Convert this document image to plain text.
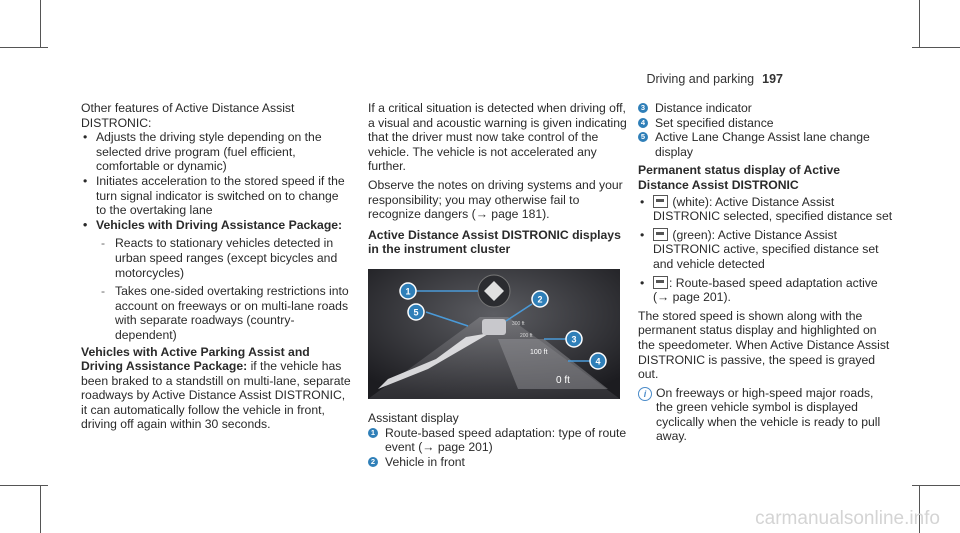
Driving and parking 197

Other features of Active Distance Assist DISTRONIC:

• Adjusts the driving style depending on the selected drive program (fuel efficient, comfortable or dynamic)

• Initiates acceleration to the stored speed if the turn signal indicator is switched on to change to the overtaking lane

• Vehicles with Driving Assistance Package:

- Reacts to stationary vehicles detected in urban speed ranges (except bicycles and motorcycles)

- Takes one-sided overtaking restrictions into account on freeways or on multi-lane roads with separate roadways (country-dependent)

Vehicles with Active Parking Assist and Driving Assistance Package: if the vehicle has been braked to a standstill on multi-lane, separate roadways by Active Distance Assist DISTRONIC, it can automatically follow the vehicle in front, driving off again within 30 seconds.

If a critical situation is detected when driving off, a visual and acoustic warning is given indicating that the driver must now take control of the vehicle. The vehicle is not accelerated any further.

Observe the notes on driving systems and your responsibility; you may otherwise fail to recognize dangers (→ page 181).

Active Distance Assist DISTRONIC displays in the instrument cluster

300 ft
200 ft
100 ft
0 ft
1
2
3
4
5

Assistant display

1 Route-based speed adaptation: type of route event (→ page 201)

2 Vehicle in front

3 Distance indicator

4 Set specified distance

5 Active Lane Change Assist lane change display

Permanent status display of Active Distance Assist DISTRONIC

• (white): Active Distance Assist DISTRONIC selected, specified distance set

• (green): Active Distance Assist DISTRONIC active, specified distance set and vehicle detected

• : Route-based speed adaptation active (→ page 201).

The stored speed is shown along with the permanent status display and highlighted on the speedometer. When Active Distance Assist DISTRONIC is passive, the speed is grayed out.

i On freeways or high-speed major roads, the green vehicle symbol is displayed cyclically when the vehicle is ready to pull away.

carmanualsonline.info
